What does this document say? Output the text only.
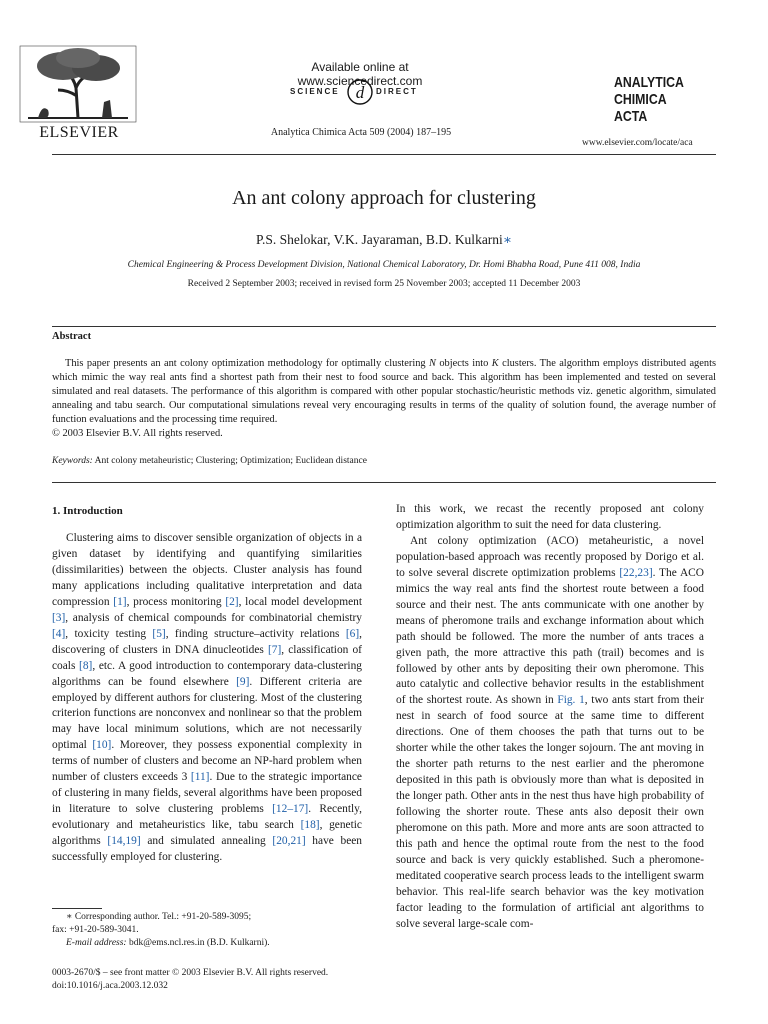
ELSEVIER
Available online at www.sciencedirect.com
SCIENCE d DIRECT
Analytica Chimica Acta 509 (2004) 187–195
ANALYTICA
CHIMICA
ACTA
www.elsevier.com/locate/aca
An ant colony approach for clustering
P.S. Shelokar, V.K. Jayaraman, B.D. Kulkarni∗
Chemical Engineering & Process Development Division, National Chemical Laboratory, Dr. Homi Bhabha Road, Pune 411 008, India
Received 2 September 2003; received in revised form 25 November 2003; accepted 11 December 2003
Abstract

This paper presents an ant colony optimization methodology for optimally clustering N objects into K clusters. The algorithm employs distributed agents which mimic the way real ants find a shortest path from their nest to food source and back. This algorithm has been implemented and tested on several simulated and real datasets. The performance of this algorithm is compared with other popular stochastic/heuristic methods viz. genetic algorithm, simulated annealing and tabu search. Our computational simulations reveal very encouraging results in terms of the quality of solution found, the average number of function evaluations and the processing time required.

© 2003 Elsevier B.V. All rights reserved.
Keywords: Ant colony metaheuristic; Clustering; Optimization; Euclidean distance
1. Introduction

Clustering aims to discover sensible organization of objects in a given dataset by identifying and quantifying similarities (dissimilarities) between the objects. Cluster analysis has found many applications including qualitative interpretation and data compression [1], process monitoring [2], local model development [3], analysis of chemical compounds for combinatorial chemistry [4], toxicity testing [5], finding structure–activity relations [6], discovering of clusters in DNA dinucleotides [7], classification of coals [8], etc. A good introduction to contemporary data-clustering algorithms can be found elsewhere [9]. Different criteria are employed by different authors for clustering. Most of the clustering criterion functions are nonconvex and nonlinear so that the problem may have local minimum solutions, which are not necessarily optimal [10]. Moreover, they possess exponential complexity in terms of number of clusters and become an NP-hard problem when number of clusters exceeds 3 [11]. Due to the strategic importance of clustering in many fields, several algorithms have been proposed in literature to solve clustering problems [12–17]. Recently, evolutionary and metaheuristics like, tabu search [18], genetic algorithms [14,19] and simulated annealing [20,21] have been successfully employed for clustering.

In this work, we recast the recently proposed ant colony optimization algorithm to suit the need for data clustering.

Ant colony optimization (ACO) metaheuristic, a novel population-based approach was recently proposed by Dorigo et al. to solve several discrete optimization problems [22,23]. The ACO mimics the way real ants find the shortest route between a food source and their nest. The ants communicate with one another by means of pheromone trails and exchange information about which path should be followed. The more the number of ants traces a given path, the more attractive this path (trail) becomes and is followed by other ants by depositing their own pheromone. This auto catalytic and collective behavior results in the establishment of the shortest route. As shown in Fig. 1, two ants start from their nest in search of food source at the same time to different directions. One of them chooses the path that turns out to be shorter while the other takes the longer sojourn. The ant moving in the shorter path returns to the nest earlier and the pheromone deposited in this path is obviously more than what is deposited in the longer path. Other ants in the nest thus have high probability of following the shorter route. These ants also deposit their own pheromone on this path. More and more ants are soon attracted to this path and hence the optimal route from the nest to the food source and back is very quickly established. Such a pheromone-meditated cooperative search process leads to the intelligent swarm behavior. This real-life search behavior was the key motivation factor leading to the formulation of artificial ant algorithms to solve several large-scale com-

∗ Corresponding author. Tel.: +91-20-589-3095;
fax: +91-20-589-3041.
E-mail address: bdk@ems.ncl.res.in (B.D. Kulkarni).
0003-2670/$ – see front matter © 2003 Elsevier B.V. All rights reserved.
doi:10.1016/j.aca.2003.12.032
